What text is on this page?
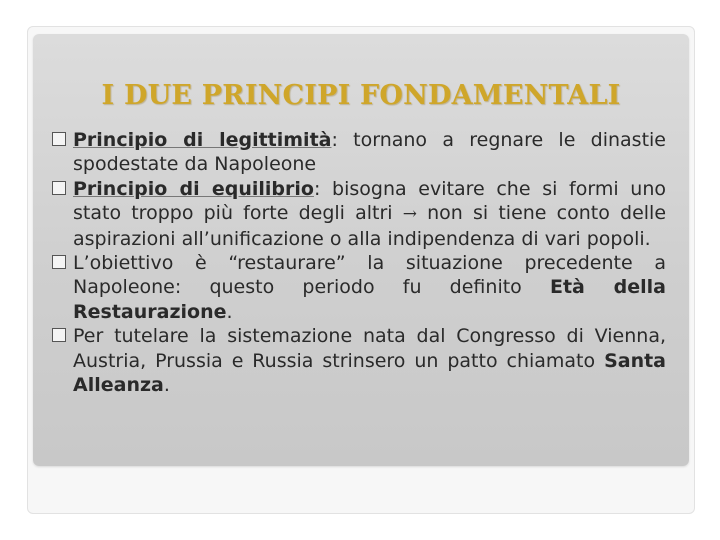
I DUE PRINCIPI FONDAMENTALI
Principio di legittimità: tornano a regnare le dinastie spodestate da Napoleone
Principio di equilibrio: bisogna evitare che si formi uno stato troppo più forte degli altri → non si tiene conto delle aspirazioni all’unificazione o alla indipendenza di vari popoli.
L’obiettivo è “restaurare” la situazione precedente a Napoleone: questo periodo fu definito Età della Restaurazione.
Per tutelare la sistemazione nata dal Congresso di Vienna, Austria, Prussia e Russia strinsero un patto chiamato Santa Alleanza.
